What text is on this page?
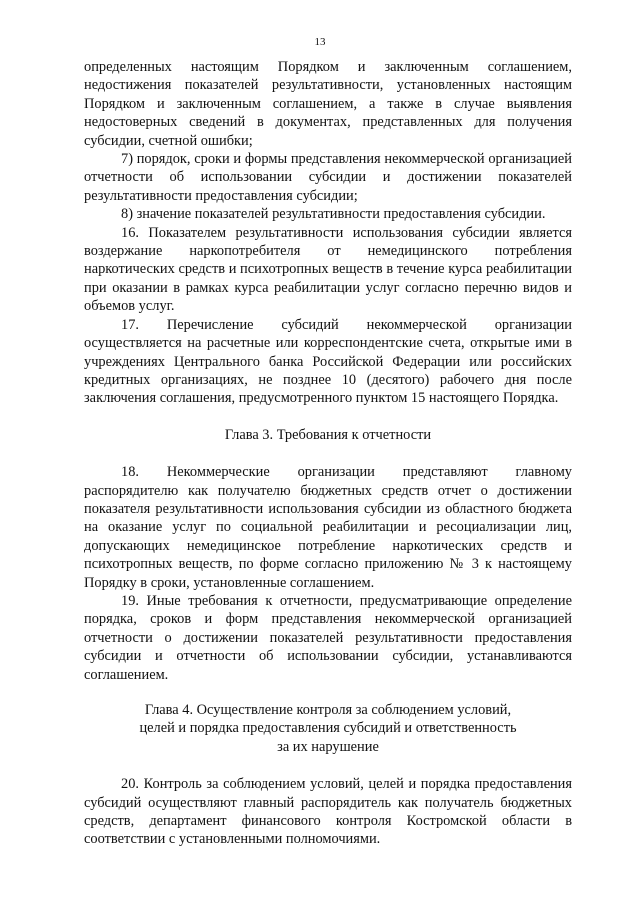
13

определенных настоящим Порядком и заключенным соглашением, недостижения показателей результативности, установленных настоящим Порядком и заключенным соглашением, а также в случае выявления недостоверных сведений в документах, представленных для получения субсидии, счетной ошибки;

7) порядок, сроки и формы представления некоммерческой организацией отчетности об использовании субсидии и достижении показателей результативности предоставления субсидии;

8) значение показателей результативности предоставления субсидии.

16. Показателем результативности использования субсидии является воздержание наркопотребителя от немедицинского потребления наркотических средств и психотропных веществ в течение курса реабилитации при оказании в рамках курса реабилитации услуг согласно перечню видов и объемов услуг.

17. Перечисление субсидий некоммерческой организации осуществляется на расчетные или корреспондентские счета, открытые ими в учреждениях Центрального банка Российской Федерации или российских кредитных организациях, не позднее 10 (десятого) рабочего дня после заключения соглашения, предусмотренного пунктом 15 настоящего Порядка.

Глава 3. Требования к отчетности

18. Некоммерческие организации представляют главному распорядителю как получателю бюджетных средств отчет о достижении показателя результативности использования субсидии из областного бюджета на оказание услуг по социальной реабилитации и ресоциализации лиц, допускающих немедицинское потребление наркотических средств и психотропных веществ, по форме согласно приложению № 3 к настоящему Порядку в сроки, установленные соглашением.

19. Иные требования к отчетности, предусматривающие определение порядка, сроков и форм представления некоммерческой организацией отчетности о достижении показателей результативности предоставления субсидии и отчетности об использовании субсидии, устанавливаются соглашением.

Глава 4. Осуществление контроля за соблюдением условий,

целей и порядка предоставления субсидий и ответственность

за их нарушение

20. Контроль за соблюдением условий, целей и порядка предоставления субсидий осуществляют главный распорядитель как получатель бюджетных средств, департамент финансового контроля Костромской области в соответствии с установленными полномочиями.
